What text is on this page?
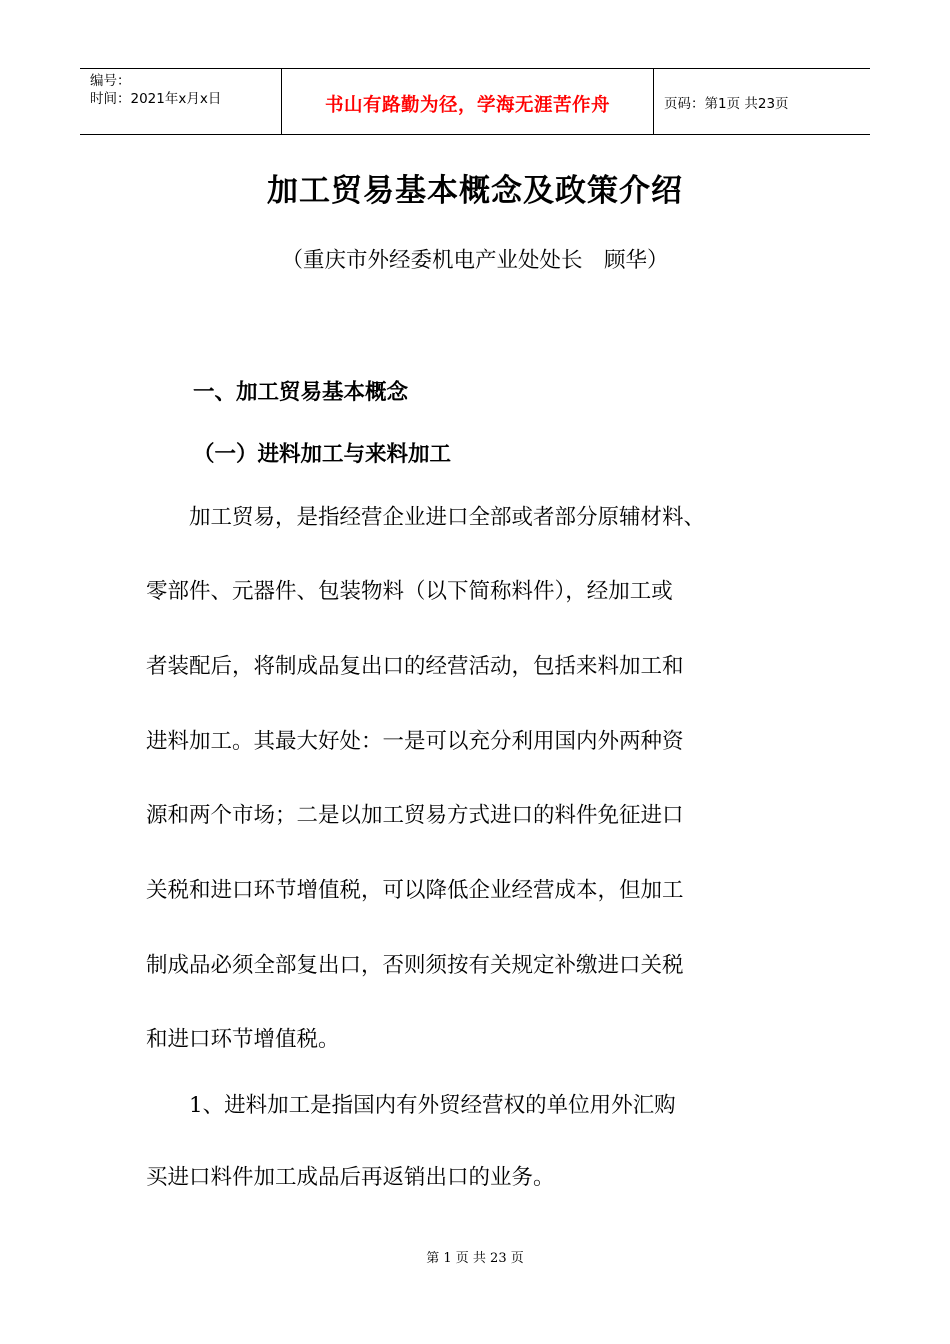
编号：
时间：2021年x月x日	书山有路勤为径，学海无涯苦作舟	页码：第1页 共23页
加工贸易基本概念及政策介绍
（重庆市外经委机电产业处处长　顾华）
一、加工贸易基本概念
（一）进料加工与来料加工
　　加工贸易，是指经营企业进口全部或者部分原辅材料、
零部件、元器件、包装物料（以下简称料件），经加工或
者装配后，将制成品复出口的经营活动，包括来料加工和
进料加工。其最大好处：一是可以充分利用国内外两种资
源和两个市场；二是以加工贸易方式进口的料件免征进口
关税和进口环节增值税，可以降低企业经营成本，但加工
制成品必须全部复出口，否则须按有关规定补缴进口关税
和进口环节增值税。
　　1、进料加工是指国内有外贸经营权的单位用外汇购
买进口料件加工成品后再返销出口的业务。
第 1 页 共 23 页
